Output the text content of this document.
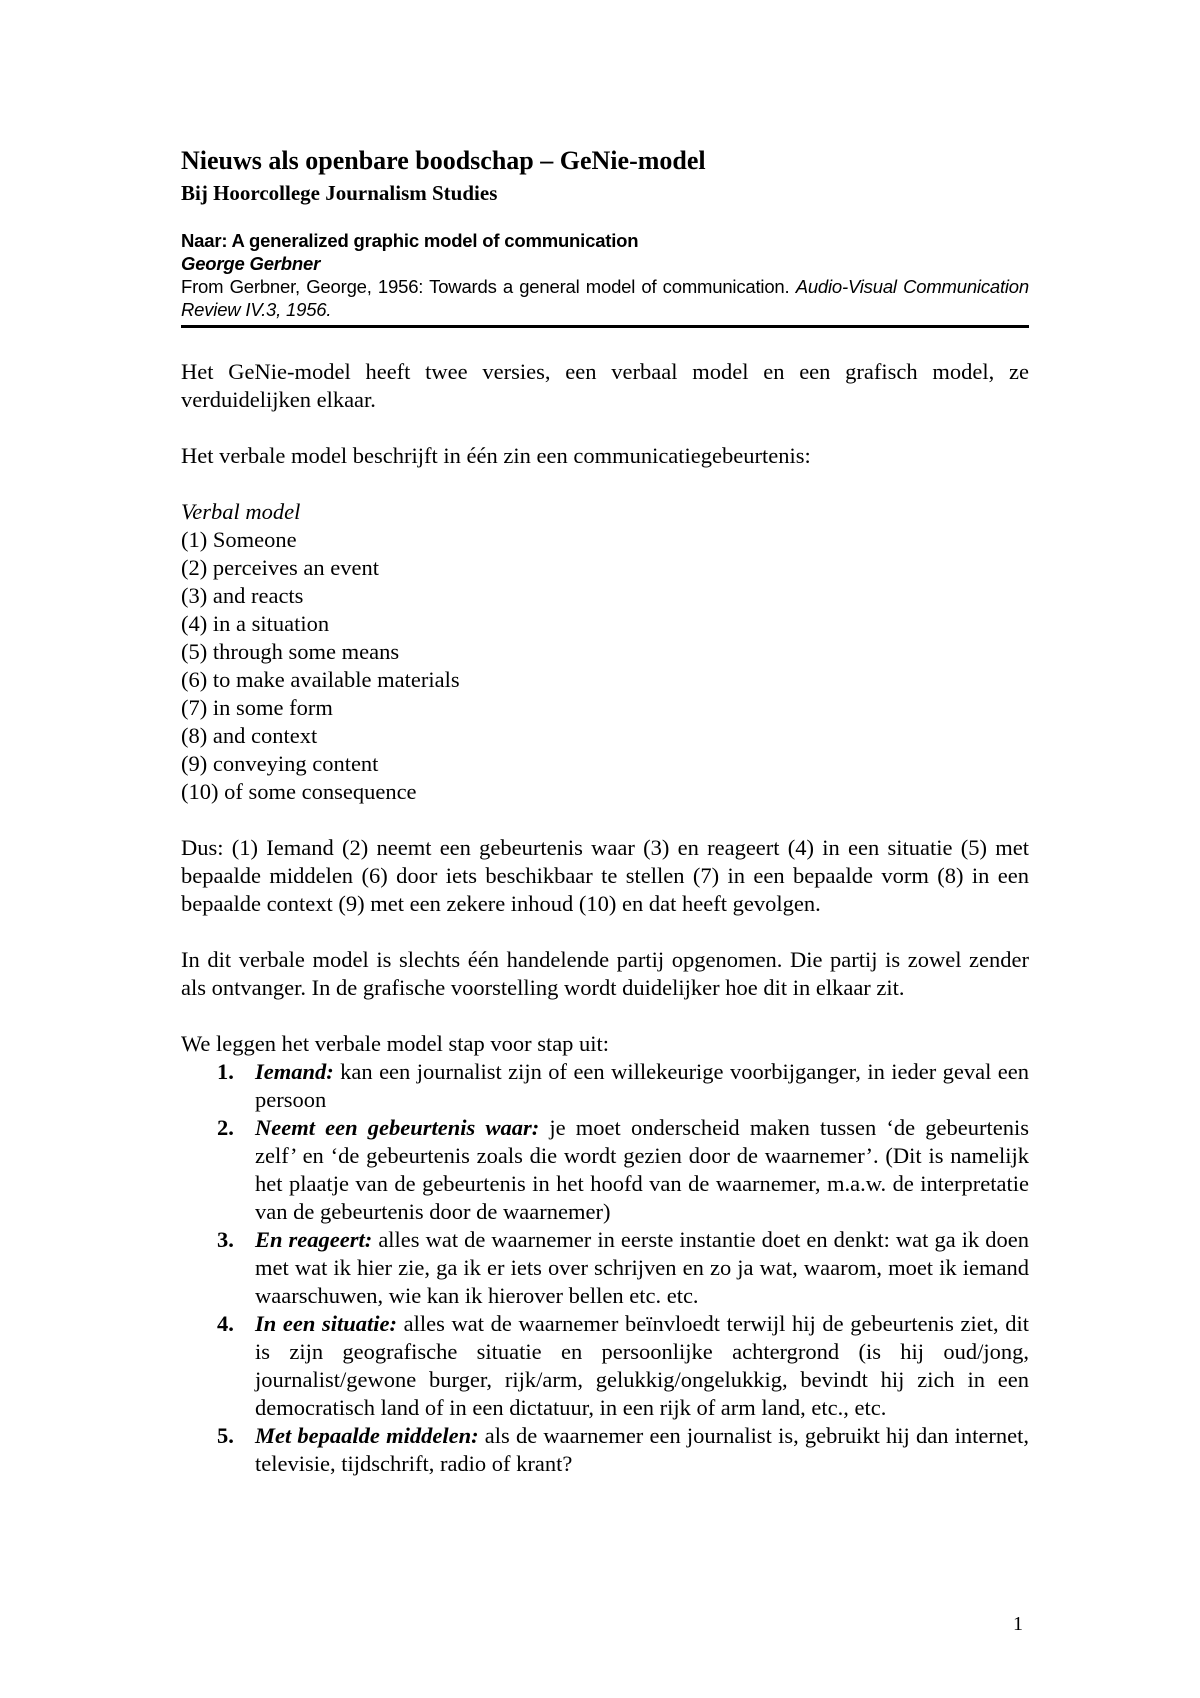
Nieuws als openbare boodschap – GeNie-model
Bij Hoorcollege Journalism Studies
Naar: A generalized graphic model of communication
George Gerbner
From Gerbner, George, 1956: Towards a general model of communication. Audio-Visual Communication Review IV.3, 1956.

Het GeNie-model heeft twee versies, een verbaal model en een grafisch model, ze verduidelijken elkaar.

Het verbale model beschrijft in één zin een communicatiegebeurtenis:

Verbal model

(1) Someone
(2) perceives an event
(3) and reacts
(4) in a situation
(5) through some means
(6) to make available materials
(7) in some form
(8) and context
(9) conveying content
(10) of some consequence

Dus: (1) Iemand (2) neemt een gebeurtenis waar (3) en reageert (4) in een situatie (5) met bepaalde middelen (6) door iets beschikbaar te stellen (7) in een bepaalde vorm (8) in een bepaalde context (9) met een zekere inhoud (10) en dat heeft gevolgen.

In dit verbale model is slechts één handelende partij opgenomen. Die partij is zowel zender als ontvanger. In de grafische voorstelling wordt duidelijker hoe dit in elkaar zit.

We leggen het verbale model stap voor stap uit:

1. Iemand: kan een journalist zijn of een willekeurige voorbijganger, in ieder geval een persoon
2. Neemt een gebeurtenis waar: je moet onderscheid maken tussen ‘de gebeurtenis zelf’ en ‘de gebeurtenis zoals die wordt gezien door de waarnemer’. (Dit is namelijk het plaatje van de gebeurtenis in het hoofd van de waarnemer, m.a.w. de interpretatie van de gebeurtenis door de waarnemer)
3. En reageert: alles wat de waarnemer in eerste instantie doet en denkt: wat ga ik doen met wat ik hier zie, ga ik er iets over schrijven en zo ja wat, waarom, moet ik iemand waarschuwen, wie kan ik hierover bellen etc. etc.
4. In een situatie: alles wat de waarnemer beïnvloedt terwijl hij de gebeurtenis ziet, dit is zijn geografische situatie en persoonlijke achtergrond (is hij oud/jong, journalist/gewone burger, rijk/arm, gelukkig/ongelukkig, bevindt hij zich in een democratisch land of in een dictatuur, in een rijk of arm land, etc., etc.
5. Met bepaalde middelen: als de waarnemer een journalist is, gebruikt hij dan internet, televisie, tijdschrift, radio of krant?
1
